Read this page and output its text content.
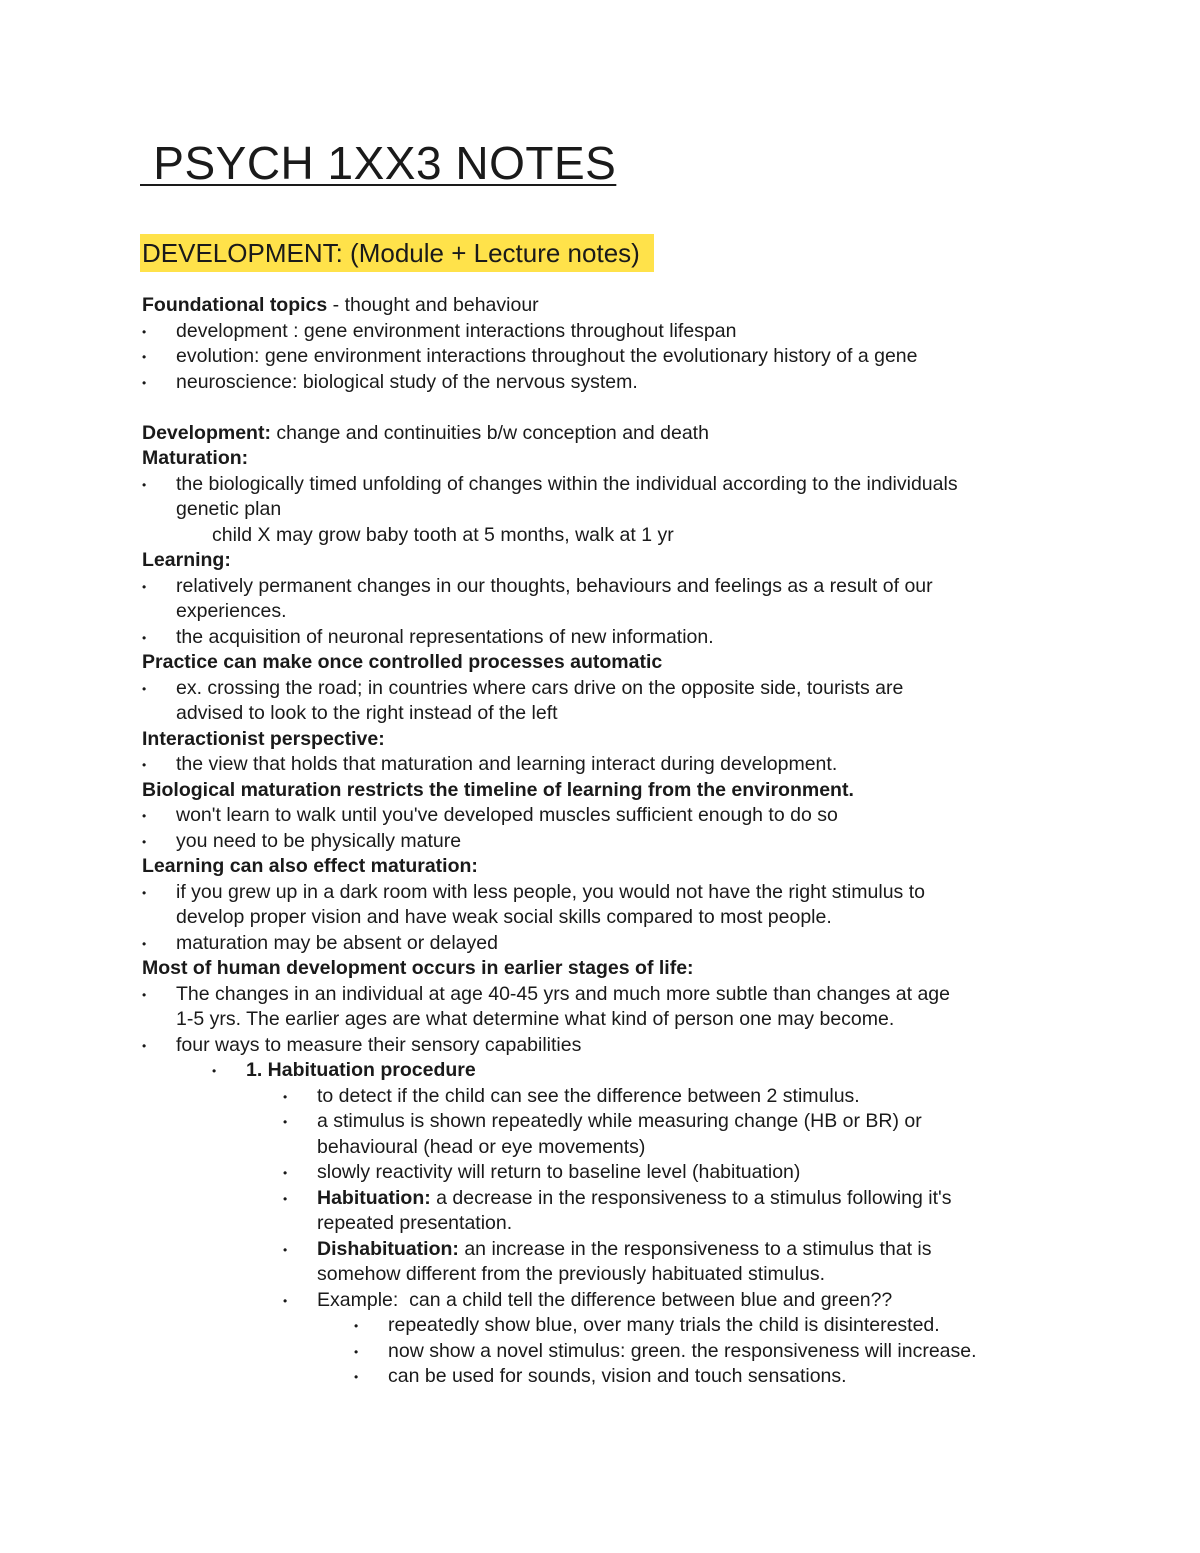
PSYCH 1XX3 NOTES
DEVELOPMENT: (Module + Lecture notes)
Foundational topics - thought and behaviour
• development : gene environment interactions throughout lifespan
• evolution: gene environment interactions throughout the evolutionary history of a gene
• neuroscience: biological study of the nervous system.
Development: change and continuities b/w conception and death
Maturation:
• the biologically timed unfolding of changes within the individual according to the individuals
genetic plan
child X may grow baby tooth at 5 months, walk at 1 yr
Learning:
• relatively permanent changes in our thoughts, behaviours and feelings as a result of our
experiences.
• the acquisition of neuronal representations of new information.
Practice can make once controlled processes automatic
• ex. crossing the road; in countries where cars drive on the opposite side, tourists are
advised to look to the right instead of the left
Interactionist perspective:
• the view that holds that maturation and learning interact during development.
Biological maturation restricts the timeline of learning from the environment.
• won't learn to walk until you've developed muscles sufficient enough to do so
• you need to be physically mature
Learning can also effect maturation:
• if you grew up in a dark room with less people, you would not have the right stimulus to
develop proper vision and have weak social skills compared to most people.
• maturation may be absent or delayed
Most of human development occurs in earlier stages of life:
• The changes in an individual at age 40-45 yrs and much more subtle than changes at age
1-5 yrs. The earlier ages are what determine what kind of person one may become.
• four ways to measure their sensory capabilities
• 1. Habituation procedure
• to detect if the child can see the difference between 2 stimulus.
• a stimulus is shown repeatedly while measuring change (HB or BR) or
behavioural (head or eye movements)
• slowly reactivity will return to baseline level (habituation)
• Habituation: a decrease in the responsiveness to a stimulus following it's
repeated presentation.
• Dishabituation: an increase in the responsiveness to a stimulus that is
somehow different from the previously habituated stimulus.
• Example:  can a child tell the difference between blue and green??
• repeatedly show blue, over many trials the child is disinterested.
• now show a novel stimulus: green. the responsiveness will increase.
• can be used for sounds, vision and touch sensations.
